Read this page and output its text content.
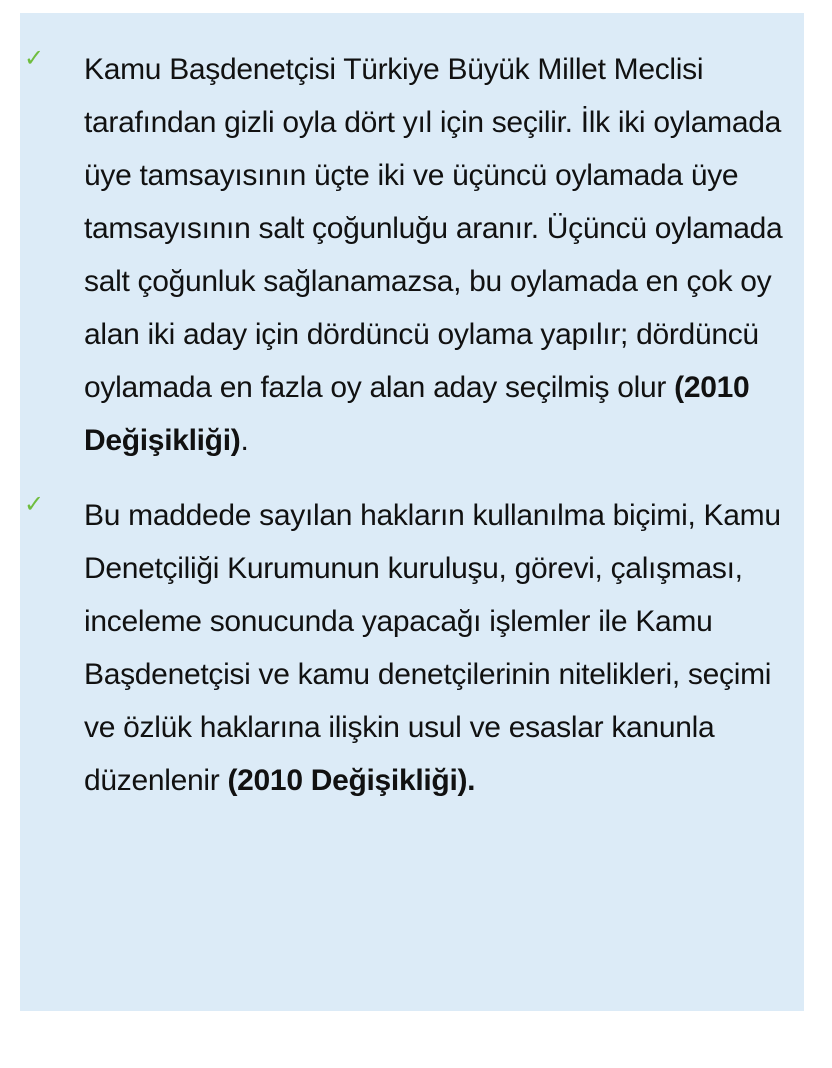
✓ Kamu Başdenetçisi Türkiye Büyük Millet Meclisi tarafından gizli oyla dört yıl için seçilir. İlk iki oylamada üye tamsayısının üçte iki ve üçüncü oylamada üye tamsayısının salt çoğunluğu aranır. Üçüncü oylamada salt çoğunluk sağlanamazsa, bu oylamada en çok oy alan iki aday için dördüncü oylama yapılır; dördüncü oylamada en fazla oy alan aday seçilmiş olur (2010 Değişikliği).
✓ Bu maddede sayılan hakların kullanılma biçimi, Kamu Denetçiliği Kurumunun kuruluşu, görevi, çalışması, inceleme sonucunda yapacağı işlemler ile Kamu Başdenetçisi ve kamu denetçilerinin nitelikleri, seçimi ve özlük haklarına ilişkin usul ve esaslar kanunla düzenlenir (2010 Değişikliği).
